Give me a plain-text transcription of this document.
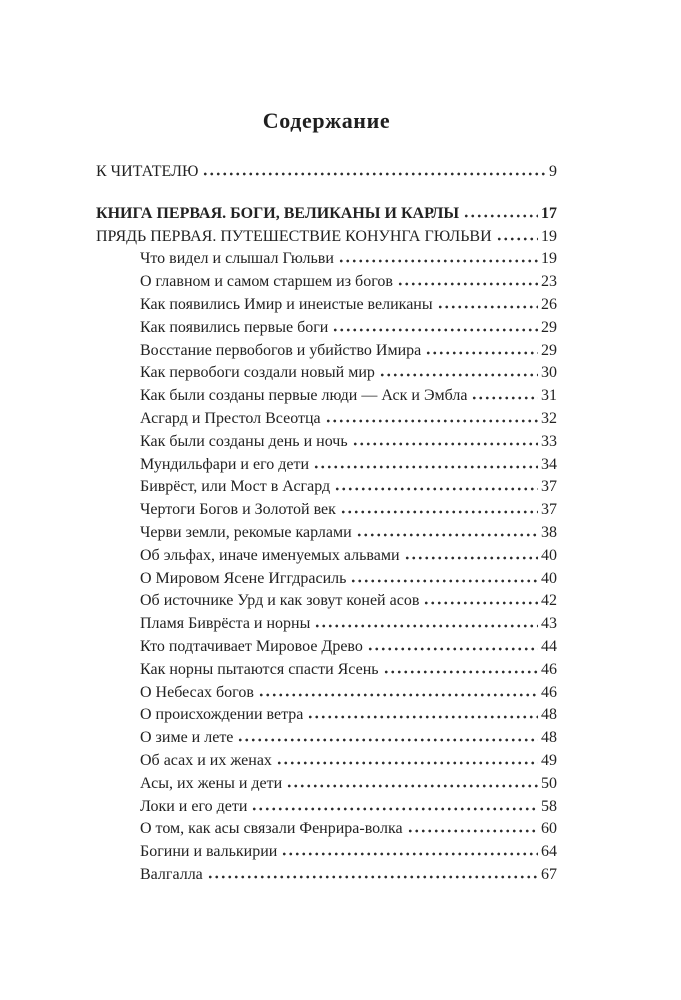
Содержание
К ЧИТАТЕЛЮ	9
КНИГА ПЕРВАЯ. БОГИ, ВЕЛИКАНЫ И КАРЛЫ	17
ПРЯДЬ ПЕРВАЯ. ПУТЕШЕСТВИЕ КОНУНГА ГЮЛЬВИ	19
Что видел и слышал Гюльви	19
О главном и самом старшем из богов	23
Как появились Имир и инеистые великаны	26
Как появились первые боги	29
Восстание первобогов и убийство Имира	29
Как первобоги создали новый мир	30
Как были созданы первые люди — Аск и Эмбла	31
Асгард и Престол Всеотца	32
Как были созданы день и ночь	33
Мундильфари и его дети	34
Биврёст, или Мост в Асгард	37
Чертоги Богов и Золотой век	37
Черви земли, рекомые карлами	38
Об эльфах, иначе именуемых альвами	40
О Мировом Ясене Иггдрасиль	40
Об источнике Урд и как зовут коней асов	42
Пламя Биврёста и норны	43
Кто подтачивает Мировое Древо	44
Как норны пытаются спасти Ясень	46
О Небесах богов	46
О происхождении ветра	48
О зиме и лете	48
Об асах и их женах	49
Асы, их жены и дети	50
Локи и его дети	58
О том, как асы связали Фенрира-волка	60
Богини и валькирии	64
Валгалла	67
